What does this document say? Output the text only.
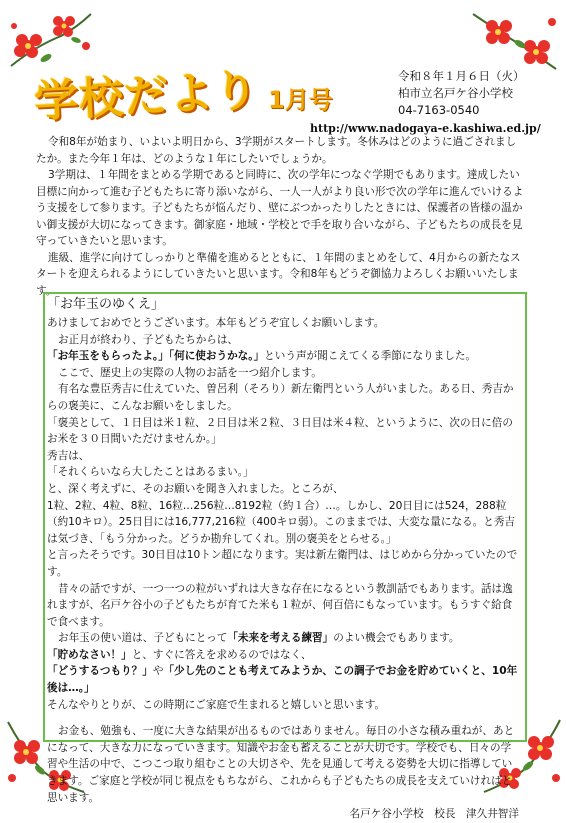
学校だより 1月号
令和８年１月６日（火）
柏市立名戸ケ谷小学校
04-7163-0540
http://www.nadogaya-e.kashiwa.ed.jp/

令和8年が始まり、いよいよ明日から、3学期がスタートします。冬休みはどのように過ごされましたか。また今年１年は、どのような１年にしたいでしょうか。

3学期は、１年間をまとめる学期であると同時に、次の学年につなぐ学期でもあります。達成したい目標に向かって進む子どもたちに寄り添いながら、一人一人がより良い形で次の学年に進んでいけるよう支援をして参ります。子どもたちが悩んだり、壁にぶつかったりしたときには、保護者の皆様の温かい御支援が大切になってきます。御家庭・地域・学校とで手を取り合いながら、子どもたちの成長を見守っていきたいと思います。

進級、進学に向けてしっかりと準備を進めるとともに、１年間のまとめをして、4月からの新たなスタートを迎えられるようにしていきたいと思います。令和8年もどうぞ御協力よろしくお願いいたします。

「お年玉のゆくえ」

あけましておめでとうございます。本年もどうぞ宜しくお願いします。

お正月が終わり、子どもたちからは、

「お年玉をもらったよ。」「何に使おうかな。」という声が聞こえてくる季節になりました。

ここで、歴史上の実際の人物のお話を一つ紹介します。

有名な豊臣秀吉に仕えていた、曽呂利（そろり）新左衛門という人がいました。ある日、秀吉からの褒美に、こんなお願いをしました。

「褒美として、１日目は米１粒、２日目は米２粒、３日目は米４粒、というように、次の日に倍のお米を３０日間いただけませんか。」

秀吉は、

「それくらいなら大したことはあるまい。」

と、深く考えずに、そのお願いを聞き入れました。ところが、

1粒、2粒、4粒、8粒、16粒…256粒…8192粒（約１合）…。しかし、20日目には524，288粒（約10キロ）。25日目には16,777,216粒（400キロ弱）。このままでは、大変な量になる。と秀吉は気づき、「もう分かった。どうか勘弁してくれ。別の褒美をとらせる。」

と言ったそうです。30日目は10トン超になります。実は新左衛門は、はじめから分かっていたのです。

昔々の話ですが、一つ一つの粒がいずれは大きな存在になるという教訓話でもあります。話は逸れますが、名戸ケ谷小の子どもたちが育てた米も１粒が、何百倍にもなっています。もうすぐ給食で食べます。

お年玉の使い道は、子どもにとって「未来を考える練習」のよい機会でもあります。

「貯めなさい！」と、すぐに答えを求めるのではなく、

「どうするつもり？」や「少し先のことも考えてみようか、この調子でお金を貯めていくと、10年後は…。」

そんなやりとりが、この時期にご家庭で生まれると嬉しいと思います。

お金も、勉強も、一度に大きな結果が出るものではありません。毎日の小さな積み重ねが、あとになって、大きな力になっていきます。知識やお金も蓄えることが大切です。学校でも、日々の学習や生活の中で、こつこつ取り組むことの大切さや、先を見通して考える姿勢を大切に指導していきます。ご家庭と学校が同じ視点をもちながら、これからも子どもたちの成長を支えていければと思います。

名戸ケ谷小学校　校長　津久井智洋
